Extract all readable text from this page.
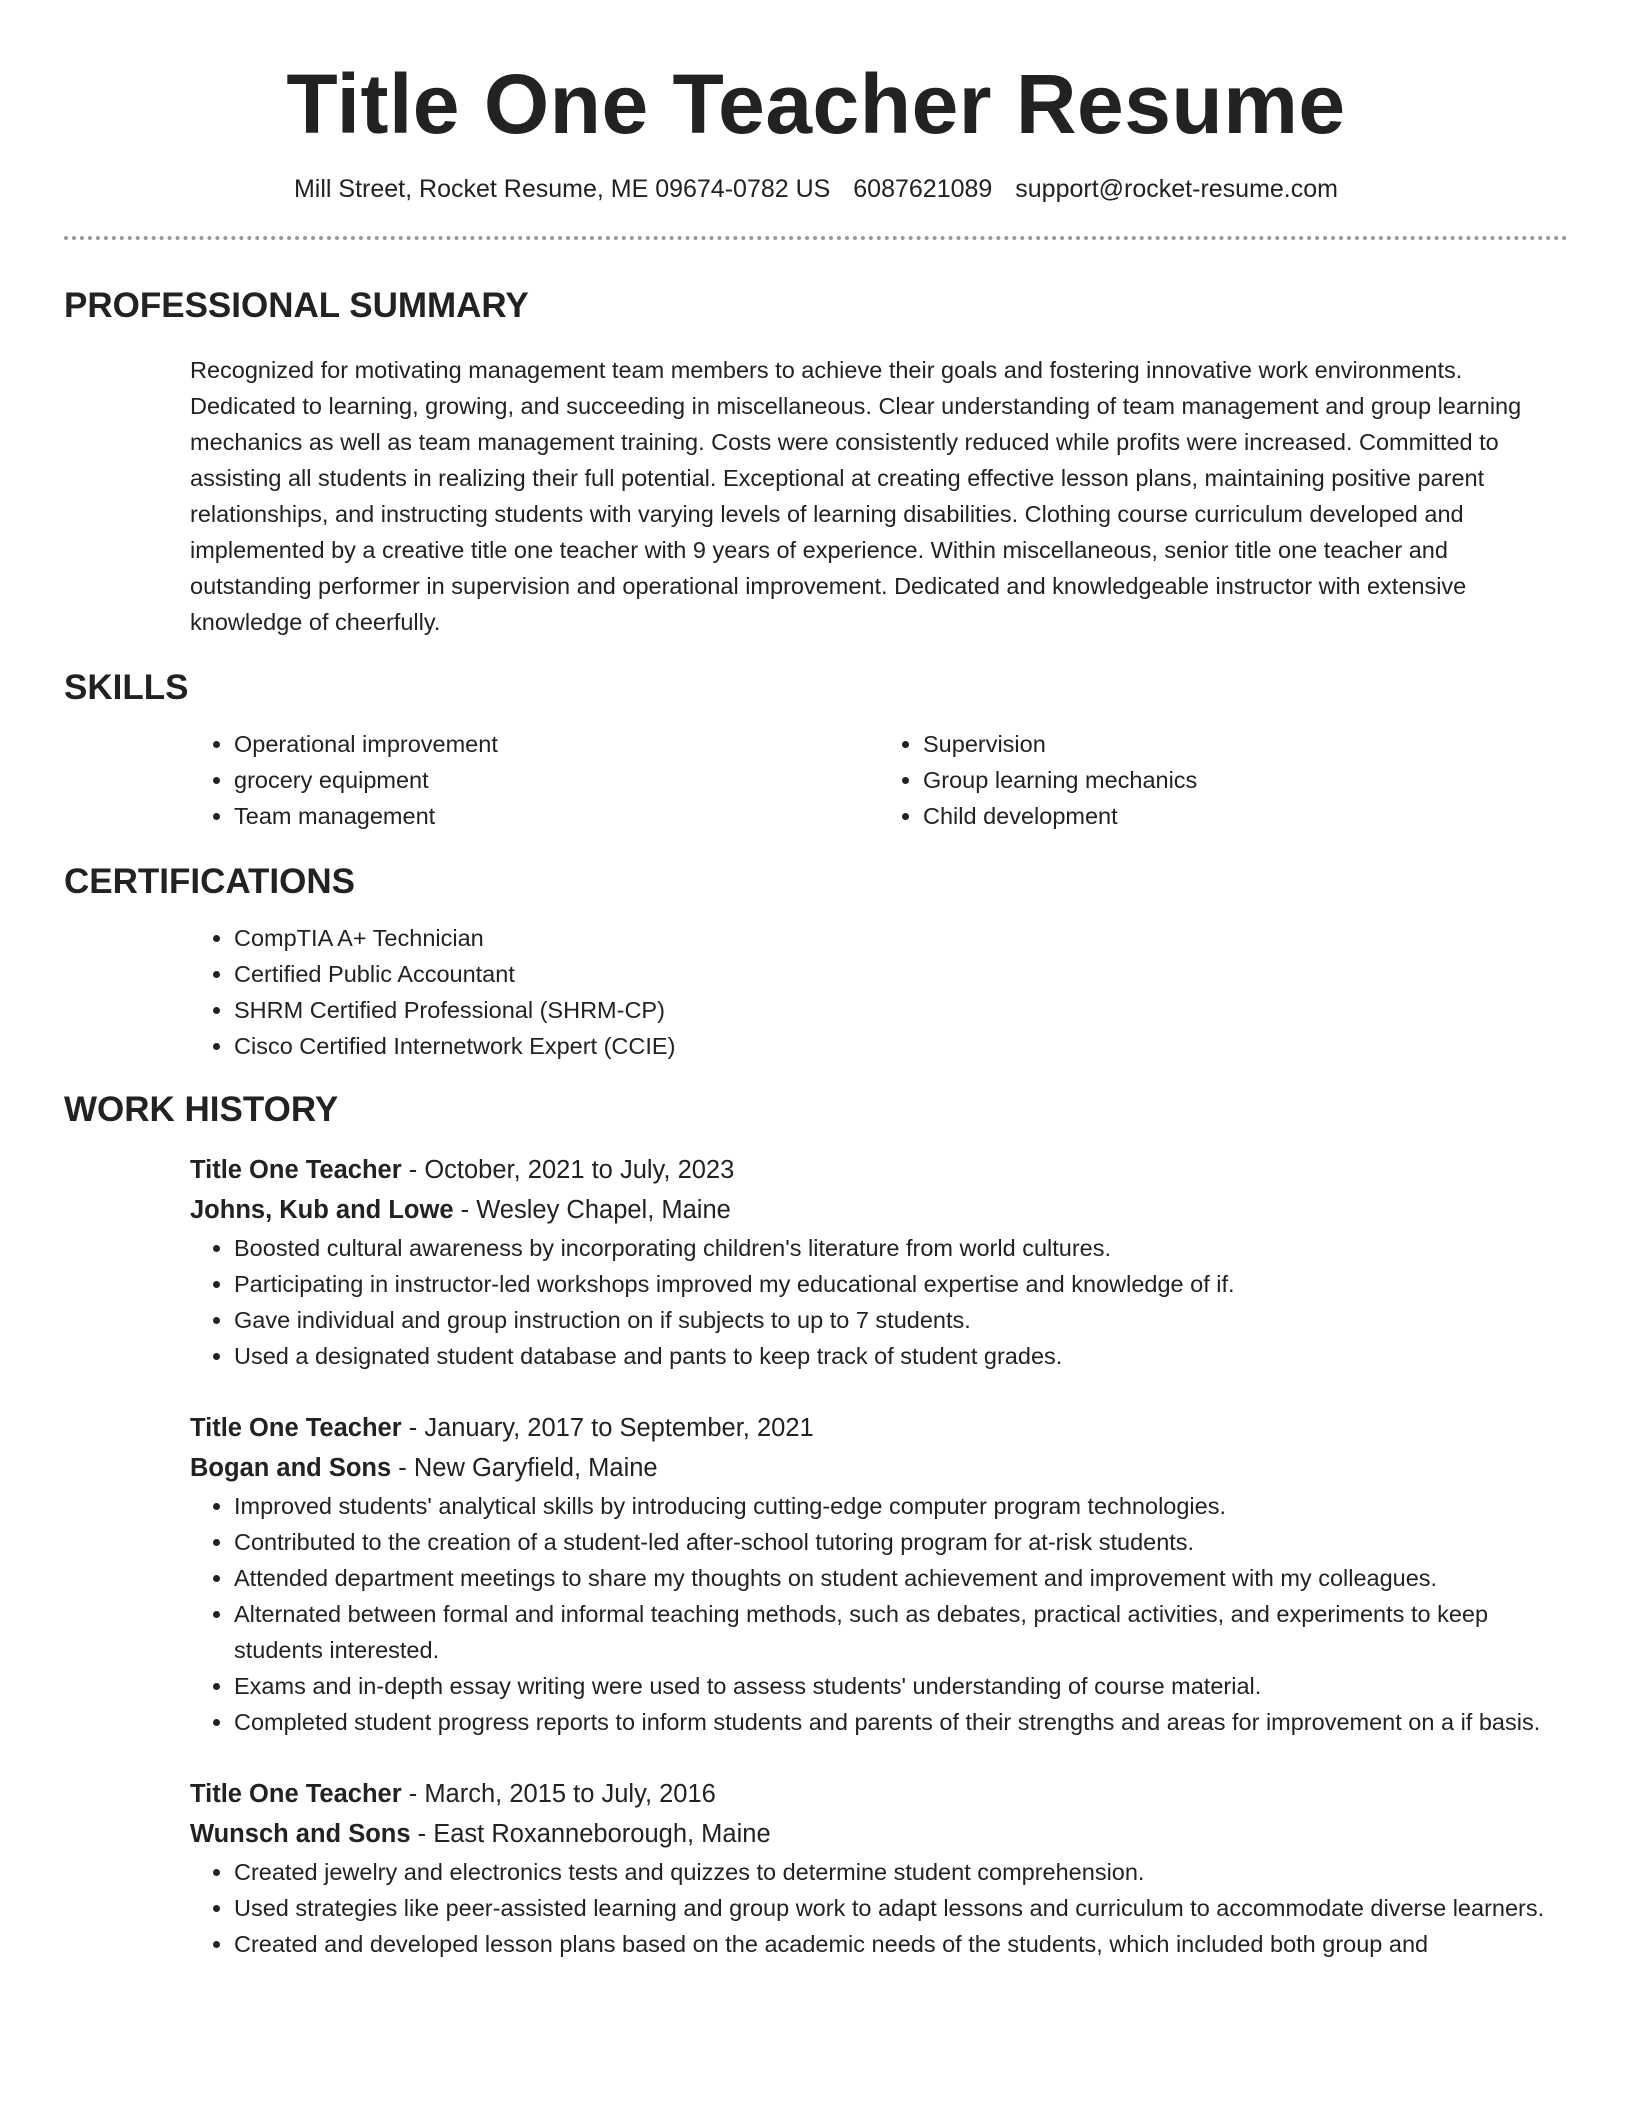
Title One Teacher Resume
Mill Street, Rocket Resume, ME 09674-0782 US 6087621089 support@rocket-resume.com
PROFESSIONAL SUMMARY

Recognized for motivating management team members to achieve their goals and fostering innovative work environments. Dedicated to learning, growing, and succeeding in miscellaneous. Clear understanding of team management and group learning mechanics as well as team management training. Costs were consistently reduced while profits were increased. Committed to assisting all students in realizing their full potential. Exceptional at creating effective lesson plans, maintaining positive parent relationships, and instructing students with varying levels of learning disabilities. Clothing course curriculum developed and implemented by a creative title one teacher with 9 years of experience. Within miscellaneous, senior title one teacher and outstanding performer in supervision and operational improvement. Dedicated and knowledgeable instructor with extensive knowledge of cheerfully.

SKILLS
• Operational improvement
• grocery equipment
• Team management
• Supervision
• Group learning mechanics
• Child development
CERTIFICATIONS
• CompTIA A+ Technician
• Certified Public Accountant
• SHRM Certified Professional (SHRM-CP)
• Cisco Certified Internetwork Expert (CCIE)
WORK HISTORY
Title One Teacher - October, 2021 to July, 2023
Johns, Kub and Lowe - Wesley Chapel, Maine
• Boosted cultural awareness by incorporating children's literature from world cultures.
• Participating in instructor-led workshops improved my educational expertise and knowledge of if.
• Gave individual and group instruction on if subjects to up to 7 students.
• Used a designated student database and pants to keep track of student grades.
Title One Teacher - January, 2017 to September, 2021
Bogan and Sons - New Garyfield, Maine
• Improved students' analytical skills by introducing cutting-edge computer program technologies.
• Contributed to the creation of a student-led after-school tutoring program for at-risk students.
• Attended department meetings to share my thoughts on student achievement and improvement with my colleagues.
• Alternated between formal and informal teaching methods, such as debates, practical activities, and experiments to keep students interested.
• Exams and in-depth essay writing were used to assess students' understanding of course material.
• Completed student progress reports to inform students and parents of their strengths and areas for improvement on a if basis.
Title One Teacher - March, 2015 to July, 2016
Wunsch and Sons - East Roxanneborough, Maine
• Created jewelry and electronics tests and quizzes to determine student comprehension.
• Used strategies like peer-assisted learning and group work to adapt lessons and curriculum to accommodate diverse learners.
• Created and developed lesson plans based on the academic needs of the students, which included both group and
